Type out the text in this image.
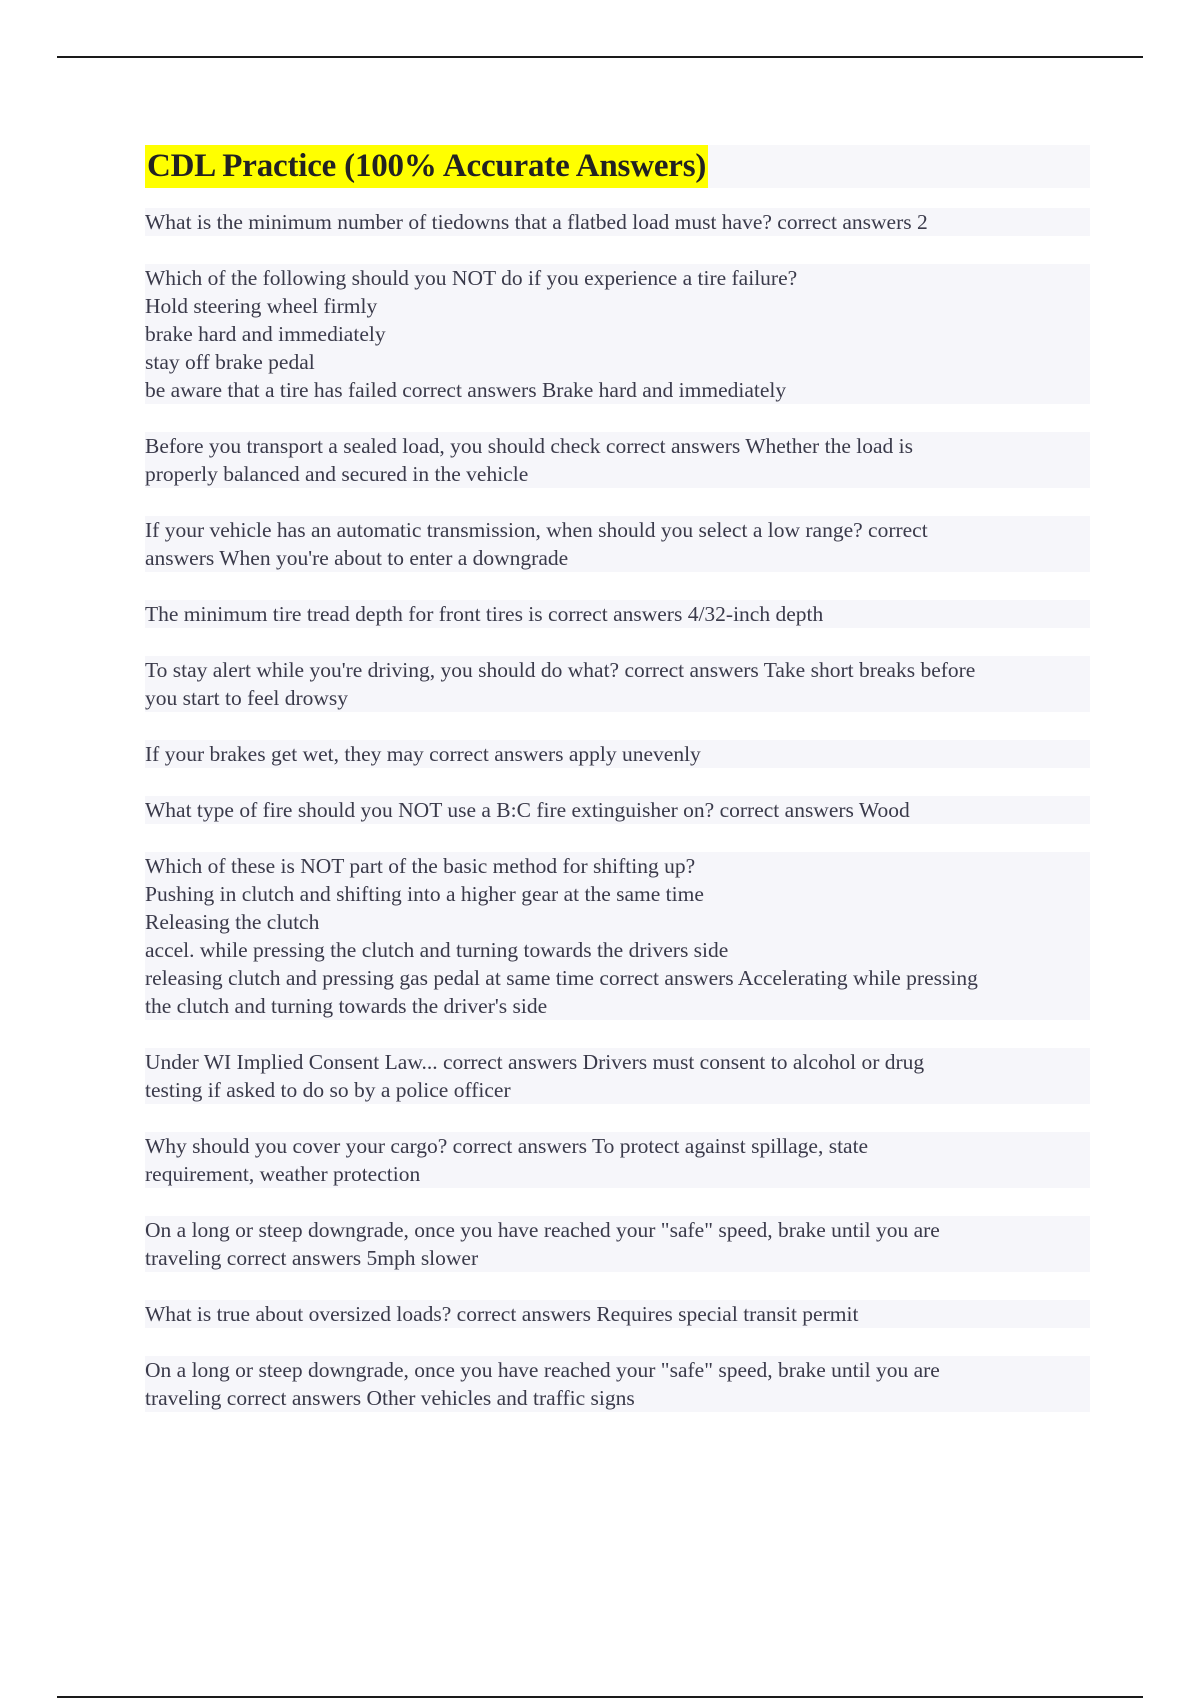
CDL Practice (100% Accurate Answers)
What is the minimum number of tiedowns that a flatbed load must have? correct answers 2
Which of the following should you NOT do if you experience a tire failure?
Hold steering wheel firmly
brake hard and immediately
stay off brake pedal
be aware that a tire has failed correct answers Brake hard and immediately
Before you transport a sealed load, you should check correct answers Whether the load is
properly balanced and secured in the vehicle
If your vehicle has an automatic transmission, when should you select a low range? correct
answers When you're about to enter a downgrade
The minimum tire tread depth for front tires is correct answers 4/32-inch depth
To stay alert while you're driving, you should do what? correct answers Take short breaks before
you start to feel drowsy
If your brakes get wet, they may correct answers apply unevenly
What type of fire should you NOT use a B:C fire extinguisher on? correct answers Wood
Which of these is NOT part of the basic method for shifting up?
Pushing in clutch and shifting into a higher gear at the same time
Releasing the clutch
accel. while pressing the clutch and turning towards the drivers side
releasing clutch and pressing gas pedal at same time correct answers Accelerating while pressing
the clutch and turning towards the driver's side
Under WI Implied Consent Law... correct answers Drivers must consent to alcohol or drug
testing if asked to do so by a police officer
Why should you cover your cargo? correct answers To protect against spillage, state
requirement, weather protection
On a long or steep downgrade, once you have reached your "safe" speed, brake until you are
traveling correct answers 5mph slower
What is true about oversized loads? correct answers Requires special transit permit
On a long or steep downgrade, once you have reached your "safe" speed, brake until you are
traveling correct answers Other vehicles and traffic signs
